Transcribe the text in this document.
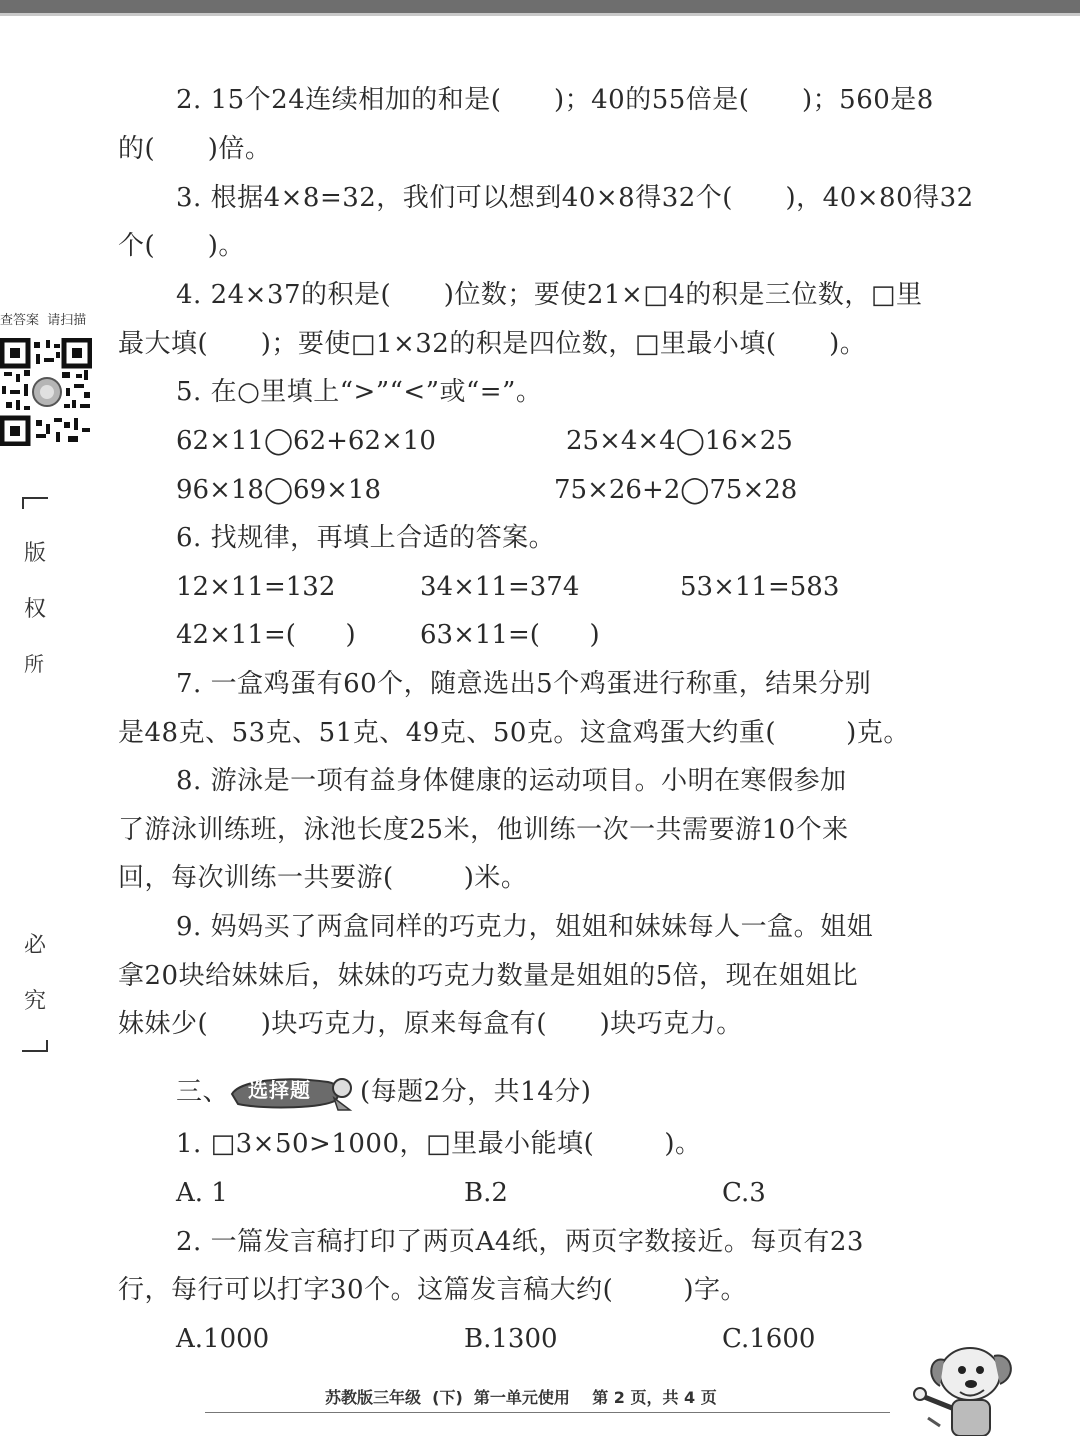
查答案  请扫描
版
权
所
必
究
2. 15个24连续相加的和是(      )；40的55倍是(      )；560是8
的(      )倍。
3. 根据4×8=32，我们可以想到40×8得32个(      )，40×80得32
个(      )。
4. 24×37的积是(      )位数；要使21×□4的积是三位数，□里
最大填(      )；要使□1×32的积是四位数，□里最小填(      )。
5. 在○里填上“>”“<”或“=”。
62×11◯62+62×10	25×4×4◯16×25
96×18◯69×18	75×26+2◯75×28
6. 找规律，再填上合适的答案。
12×11=132	34×11=374	53×11=583
42×11=(      ) 63×11=(      )
7. 一盒鸡蛋有60个，随意选出5个鸡蛋进行称重，结果分别
是48克、53克、51克、49克、50克。这盒鸡蛋大约重(        )克。
8. 游泳是一项有益身体健康的运动项目。小明在寒假参加
了游泳训练班，泳池长度25米，他训练一次一共需要游10个来
回，每次训练一共要游(        )米。
9. 妈妈买了两盒同样的巧克力，姐姐和妹妹每人一盒。姐姐
拿20块给妹妹后，妹妹的巧克力数量是姐姐的5倍，现在姐姐比
妹妹少(      )块巧克力，原来每盒有(      )块巧克力。
三、 选择题 (每题2分，共14分)
1. □3×50>1000，□里最小能填(        )。
A. 1	B.2	C.3
2. 一篇发言稿打印了两页A4纸，两页字数接近。每页有23
行，每行可以打字30个。这篇发言稿大约(        )字。
A.1000	B.1300	C.1600
苏教版三年级  (下)  第一单元使用    第 2 页，共 4 页
